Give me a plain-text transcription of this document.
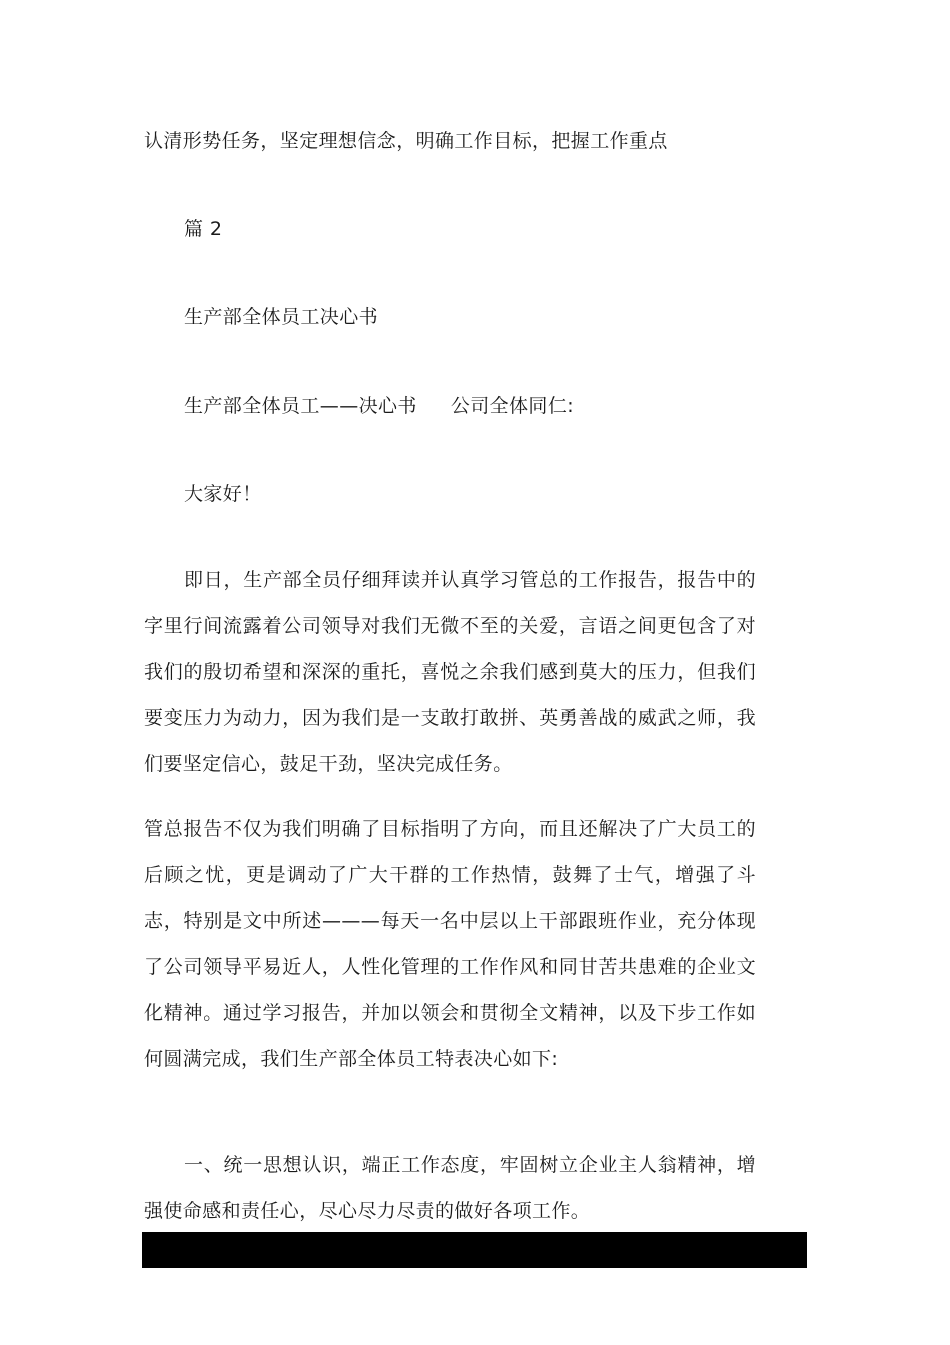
认清形势任务，坚定理想信念，明确工作目标，把握工作重点
篇 2
生产部全体员工决心书
生产部全体员工——决心书 公司全体同仁:
大家好！
即日，生产部全员仔细拜读并认真学习管总的工作报告，报告中的字里行间流露着公司领导对我们无微不至的关爱，言语之间更包含了对我们的殷切希望和深深的重托，喜悦之余我们感到莫大的压力，但我们要变压力为动力，因为我们是一支敢打敢拼、英勇善战的威武之师，我们要坚定信心，鼓足干劲，坚决完成任务。
管总报告不仅为我们明确了目标指明了方向，而且还解决了广大员工的后顾之忧，更是调动了广大干群的工作热情，鼓舞了士气，增强了斗志，特别是文中所述———每天一名中层以上干部跟班作业，充分体现了公司领导平易近人，人性化管理的工作作风和同甘苦共患难的企业文化精神。通过学习报告，并加以领会和贯彻全文精神，以及下步工作如何圆满完成，我们生产部全体员工特表决心如下:
一、统一思想认识，端正工作态度，牢固树立企业主人翁精神，增强使命感和责任心，尽心尽力尽责的做好各项工作。
